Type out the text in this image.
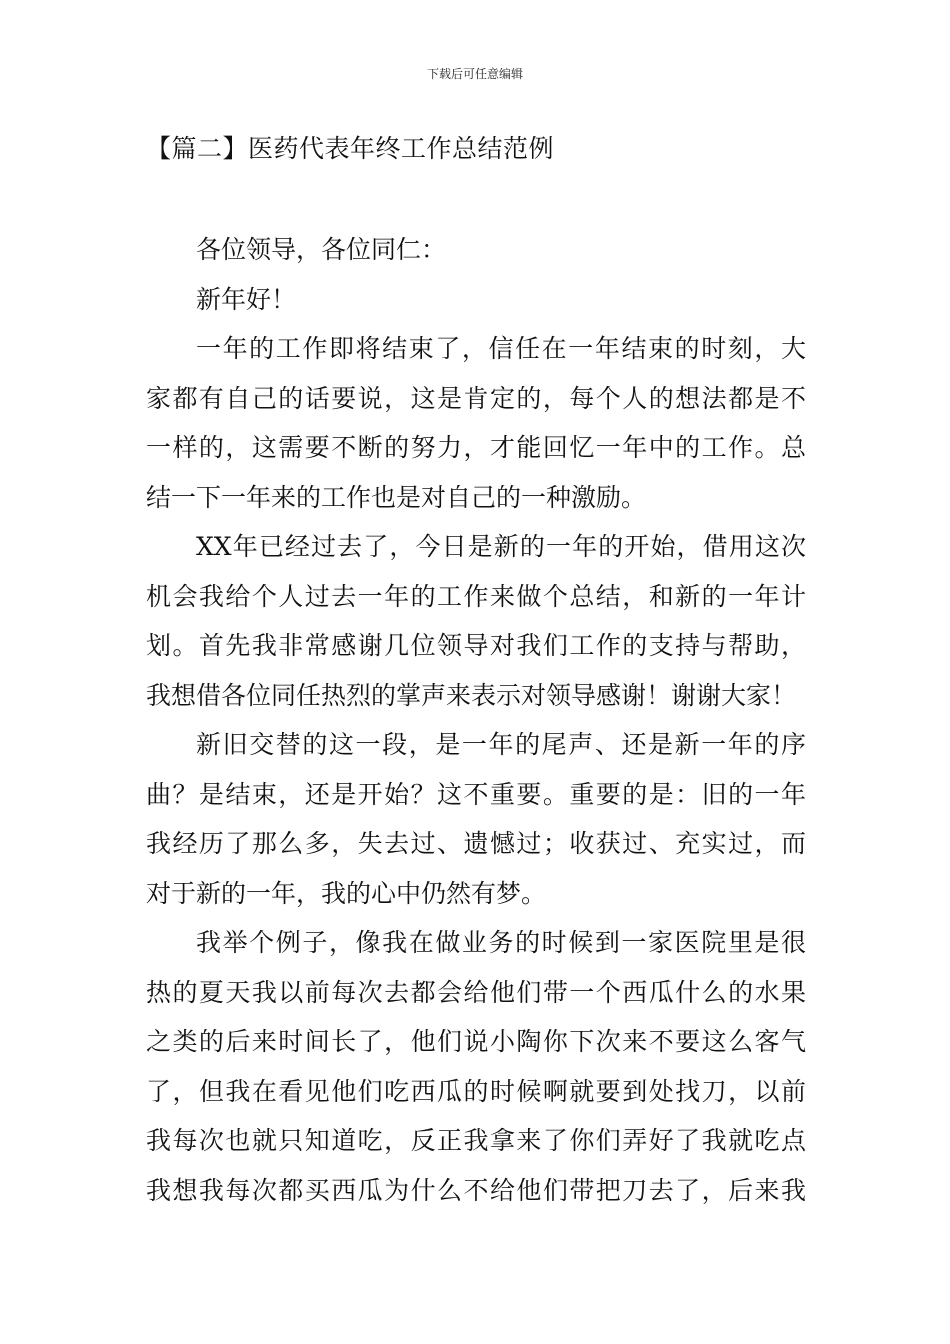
下载后可任意编辑
【篇二】医药代表年终工作总结范例
各位领导，各位同仁：
新年好！
一年的工作即将结束了，信任在一年结束的时刻，大
家都有自己的话要说，这是肯定的，每个人的想法都是不
一样的，这需要不断的努力，才能回忆一年中的工作。总
结一下一年来的工作也是对自己的一种激励。
XX年已经过去了，今日是新的一年的开始，借用这次
机会我给个人过去一年的工作来做个总结，和新的一年计
划。首先我非常感谢几位领导对我们工作的支持与帮助，
我想借各位同任热烈的掌声来表示对领导感谢！谢谢大家！
新旧交替的这一段，是一年的尾声、还是新一年的序
曲？是结束，还是开始？这不重要。重要的是：旧的一年
我经历了那么多，失去过、遗憾过；收获过、充实过，而
对于新的一年，我的心中仍然有梦。
我举个例子，像我在做业务的时候到一家医院里是很
热的夏天我以前每次去都会给他们带一个西瓜什么的水果
之类的后来时间长了，他们说小陶你下次来不要这么客气
了，但我在看见他们吃西瓜的时候啊就要到处找刀，以前
我每次也就只知道吃，反正我拿来了你们弄好了我就吃点
我想我每次都买西瓜为什么不给他们带把刀去了，后来我
